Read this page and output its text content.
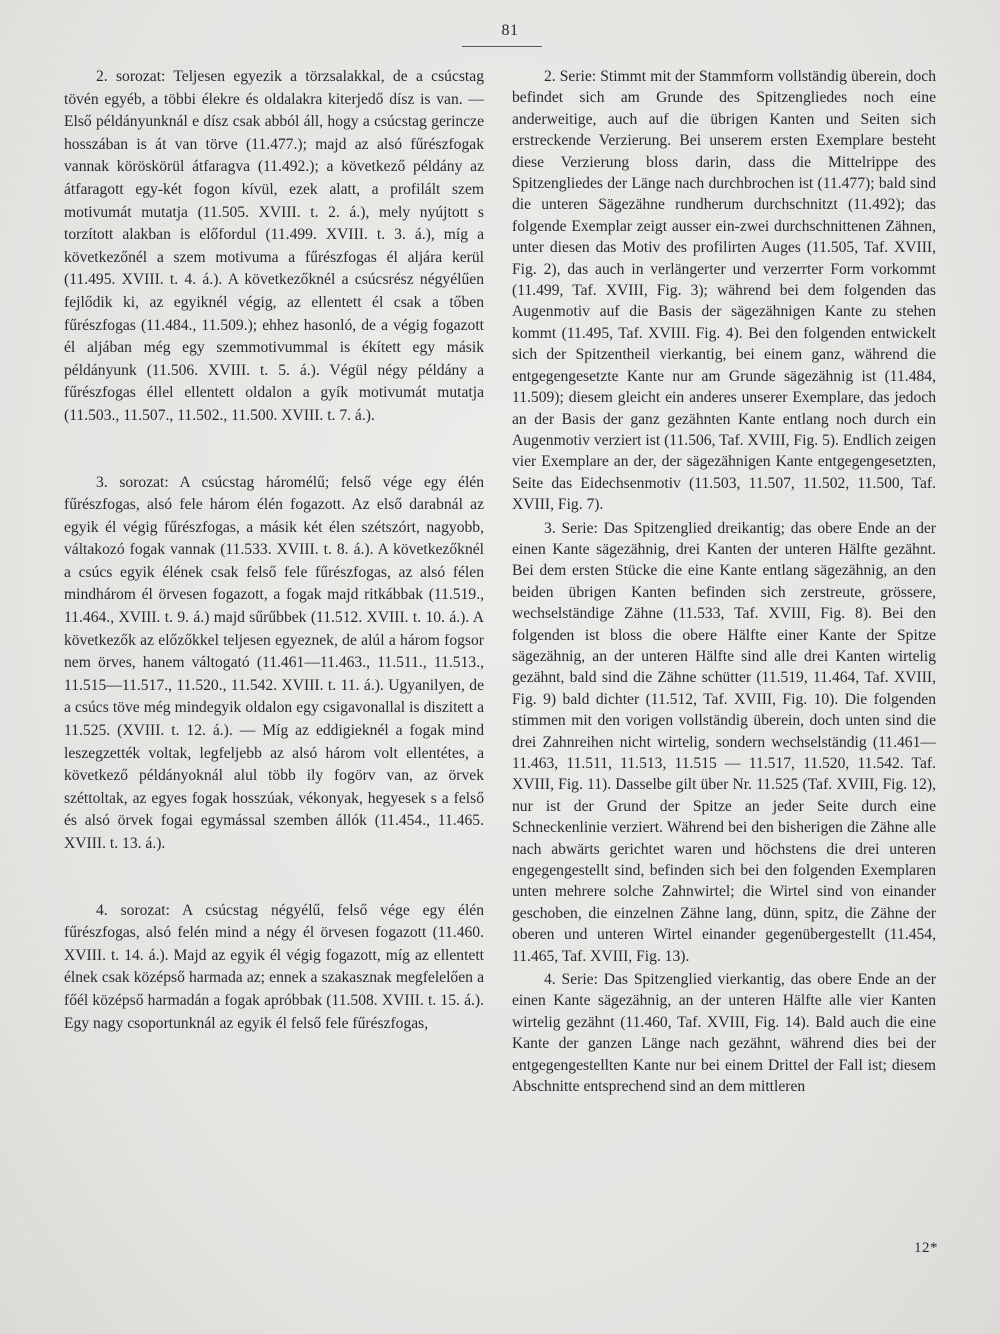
81

2. sorozat: Teljesen egyezik a törzsalakkal, de a csúcstag tövén egyéb, a többi élekre és oldalakra kiterjedő dísz is van. — Első példányunknál e dísz csak abból áll, hogy a csúcstag gerincze hosszában is át van törve (11.477.); majd az alsó fűrészfogak vannak köröskörül átfaragva (11.492.); a következő példány az átfaragott egy-két fogon kívül, ezek alatt, a profilált szem motivumát mutatja (11.505. XVIII. t. 2. á.), mely nyújtott s torzított alakban is előfordul (11.499. XVIII. t. 3. á.), míg a következőnél a szem motivuma a fűrészfogas él aljára kerül (11.495. XVIII. t. 4. á.). A következőknél a csúcsrész négyélűen fejlődik ki, az egyiknél végig, az ellentett él csak a tőben fűrészfogas (11.484., 11.509.); ehhez hasonló, de a végig fogazott él aljában még egy szemmotivummal is ékített egy másik példányunk (11.506. XVIII. t. 5. á.). Végül négy példány a fűrészfogas éllel ellentett oldalon a gyík motivumát mutatja (11.503., 11.507., 11.502., 11.500. XVIII. t. 7. á.).

3. sorozat: A csúcstag háromélű; felső vége egy élén fűrészfogas, alsó fele három élén fogazott. Az első darabnál az egyik él végig fűrészfogas, a másik két élen szétszórt, nagyobb, váltakozó fogak vannak (11.533. XVIII. t. 8. á.). A következőknél a csúcs egyik élének csak felső fele fűrészfogas, az alsó félen mindhárom él örvesen fogazott, a fogak majd ritkábbak (11.519., 11.464., XVIII. t. 9. á.) majd sűrűbbek (11.512. XVIII. t. 10. á.). A következők az előzőkkel teljesen egyeznek, de alúl a három fogsor nem örves, hanem váltogató (11.461—11.463., 11.511., 11.513., 11.515—11.517., 11.520., 11.542. XVIII. t. 11. á.). Ugyanilyen, de a csúcs töve még mindegyik oldalon egy csigavonallal is diszitett a 11.525. (XVIII. t. 12. á.). — Míg az eddigieknél a fogak mind leszegzették voltak, legfeljebb az alsó három volt ellentétes, a következő példányoknál alul több ily fogörv van, az örvek széttoltak, az egyes fogak hosszúak, vékonyak, hegyesek s a felső és alsó örvek fogai egymással szemben állók (11.454., 11.465. XVIII. t. 13. á.).

4. sorozat: A csúcstag négyélű, felső vége egy élén fűrészfogas, alsó felén mind a négy él örvesen fogazott (11.460. XVIII. t. 14. á.). Majd az egyik él végig fogazott, míg az ellentett élnek csak középső harmada az; ennek a szakasznak megfelelően a főél középső harmadán a fogak apróbbak (11.508. XVIII. t. 15. á.). Egy nagy csoportunknál az egyik él felső fele fűrészfogas,

2. Serie: Stimmt mit der Stammform vollständig überein, doch befindet sich am Grunde des Spitzengliedes noch eine anderweitige, auch auf die übrigen Kanten und Seiten sich erstreckende Verzierung. Bei unserem ersten Exemplare besteht diese Verzierung bloss darin, dass die Mittelrippe des Spitzengliedes der Länge nach durchbrochen ist (11.477); bald sind die unteren Sägezähne rundherum durchschnitzt (11.492); das folgende Exemplar zeigt ausser ein-zwei durchschnittenen Zähnen, unter diesen das Motiv des profilirten Auges (11.505, Taf. XVIII, Fig. 2), das auch in verlängerter und verzerrter Form vorkommt (11.499, Taf. XVIII, Fig. 3); während bei dem folgenden das Augenmotiv auf die Basis der sägezähnigen Kante zu stehen kommt (11.495, Taf. XVIII. Fig. 4). Bei den folgenden entwickelt sich der Spitzentheil vierkantig, bei einem ganz, während die entgegengesetzte Kante nur am Grunde sägezähnig ist (11.484, 11.509); diesem gleicht ein anderes unserer Exemplare, das jedoch an der Basis der ganz gezähnten Kante entlang noch durch ein Augenmotiv verziert ist (11.506, Taf. XVIII, Fig. 5). Endlich zeigen vier Exemplare an der, der sägezähnigen Kante entgegengesetzten, Seite das Eidechsenmotiv (11.503, 11.507, 11.502, 11.500, Taf. XVIII, Fig. 7).

3. Serie: Das Spitzenglied dreikantig; das obere Ende an der einen Kante sägezähnig, drei Kanten der unteren Hälfte gezähnt. Bei dem ersten Stücke die eine Kante entlang sägezähnig, an den beiden übrigen Kanten befinden sich zerstreute, grössere, wechselständige Zähne (11.533, Taf. XVIII, Fig. 8). Bei den folgenden ist bloss die obere Hälfte einer Kante der Spitze sägezähnig, an der unteren Hälfte sind alle drei Kanten wirtelig gezähnt, bald sind die Zähne schütter (11.519, 11.464, Taf. XVIII, Fig. 9) bald dichter (11.512, Taf. XVIII, Fig. 10). Die folgenden stimmen mit den vorigen vollständig überein, doch unten sind die drei Zahnreihen nicht wirtelig, sondern wechselständig (11.461—11.463, 11.511, 11.513, 11.515 — 11.517, 11.520, 11.542. Taf. XVIII, Fig. 11). Dasselbe gilt über Nr. 11.525 (Taf. XVIII, Fig. 12), nur ist der Grund der Spitze an jeder Seite durch eine Schneckenlinie verziert. Während bei den bisherigen die Zähne alle nach abwärts gerichtet waren und höchstens die drei unteren engegengestellt sind, befinden sich bei den folgenden Exemplaren unten mehrere solche Zahnwirtel; die Wirtel sind von einander geschoben, die einzelnen Zähne lang, dünn, spitz, die Zähne der oberen und unteren Wirtel einander gegenübergestellt (11.454, 11.465, Taf. XVIII, Fig. 13).

4. Serie: Das Spitzenglied vierkantig, das obere Ende an der einen Kante sägezähnig, an der unteren Hälfte alle vier Kanten wirtelig gezähnt (11.460, Taf. XVIII, Fig. 14). Bald auch die eine Kante der ganzen Länge nach gezähnt, während dies bei der entgegengestellten Kante nur bei einem Drittel der Fall ist; diesem Abschnitte entsprechend sind an dem mittleren

12*
